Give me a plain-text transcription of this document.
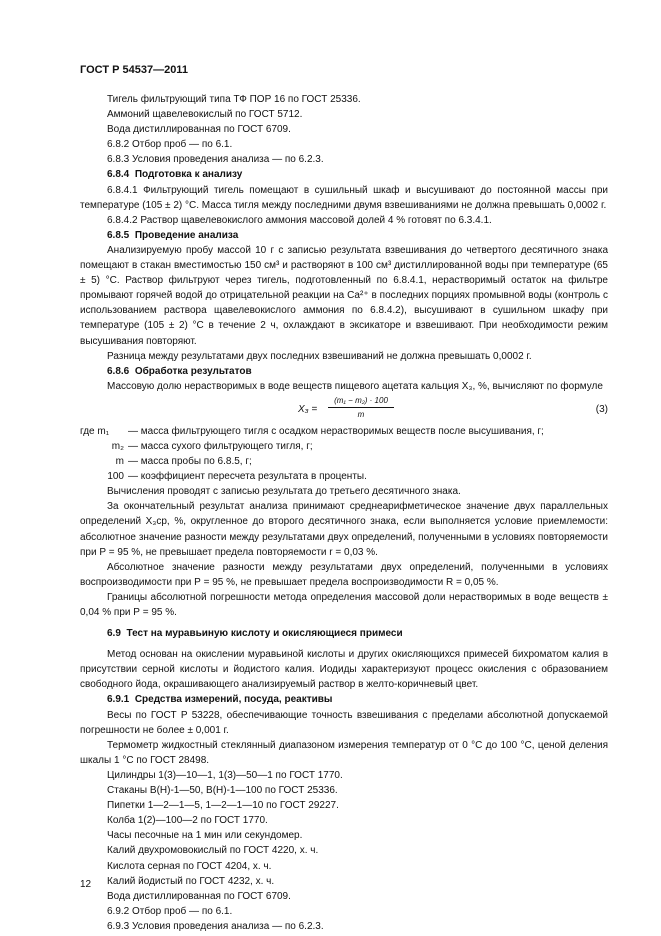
ГОСТ Р 54537—2011

Тигель фильтрующий типа ТФ ПОР 16 по ГОСТ 25336.

Аммоний щавелевокислый по ГОСТ 5712.

Вода дистиллированная по ГОСТ 6709.

6.8.2 Отбор проб — по 6.1.

6.8.3 Условия проведения анализа — по 6.2.3.

6.8.4 Подготовка к анализу

6.8.4.1 Фильтрующий тигель помещают в сушильный шкаф и высушивают до постоянной массы при температуре (105 ± 2) °С. Масса тигля между последними двумя взвешиваниями не должна превышать 0,0002 г.

6.8.4.2 Раствор щавелевокислого аммония массовой долей 4 % готовят по 6.3.4.1.

6.8.5 Проведение анализа

Анализируемую пробу массой 10 г с записью результата взвешивания до четвертого десятичного знака помещают в стакан вместимостью 150 см³ и растворяют в 100 см³ дистиллированной воды при температуре (65 ± 5) °С. Раствор фильтруют через тигель, подготовленный по 6.8.4.1, нерастворимый остаток на фильтре промывают горячей водой до отрицательной реакции на Са²⁺ в последних порциях промывной воды (контроль с использованием раствора щавелевокислого аммония по 6.8.4.2), высушивают в сушильном шкафу при температуре (105 ± 2) °С в течение 2 ч, охлаждают в эксикаторе и взвешивают. При необходимости режим высушивания повторяют.

Разница между результатами двух последних взвешиваний не должна превышать 0,0002 г.

6.8.6 Обработка результатов

Массовую долю нерастворимых в воде веществ пищевого ацетата кальция X₃, %, вычисляют по формуле

X₃ =
(m₁ − m₂) · 100
m	(3)
где m₁	— масса фильтрующего тигля с осадком нерастворимых веществ после высушивания, г;
m₂ — масса сухого фильтрующего тигля, г;
m — масса пробы по 6.8.5, г;
100 — коэффициент пересчета результата в проценты.

Вычисления проводят с записью результата до третьего десятичного знака.

За окончательный результат анализа принимают среднеарифметическое значение двух параллельных определений X₃ср, %, округленное до второго десятичного знака, если выполняется условие приемлемости: абсолютное значение разности между результатами двух определений, полученными в условиях повторяемости при Р = 95 %, не превышает предела повторяемости r = 0,03 %.

Абсолютное значение разности между результатами двух определений, полученными в условиях воспроизводимости при Р = 95 %, не превышает предела воспроизводимости R = 0,05 %.

Границы абсолютной погрешности метода определения массовой доли нерастворимых в воде веществ ± 0,04 % при Р = 95 %.

6.9 Тест на муравьиную кислоту и окисляющиеся примеси

Метод основан на окислении муравьиной кислоты и других окисляющихся примесей бихроматом калия в присутствии серной кислоты и йодистого калия. Иодиды характеризуют процесс окисления с образованием свободного йода, окрашивающего анализируемый раствор в желто-коричневый цвет.

6.9.1 Средства измерений, посуда, реактивы

Весы по ГОСТ Р 53228, обеспечивающие точность взвешивания с пределами абсолютной допускаемой погрешности не более ± 0,001 г.

Термометр жидкостный стеклянный диапазоном измерения температур от 0 °С до 100 °С, ценой деления шкалы 1 °С по ГОСТ 28498.

Цилиндры 1(3)—10—1, 1(3)—50—1 по ГОСТ 1770.

Стаканы В(Н)-1—50, В(Н)-1—100 по ГОСТ 25336.

Пипетки 1—2—1—5, 1—2—1—10 по ГОСТ 29227.

Колба 1(2)—100—2 по ГОСТ 1770.

Часы песочные на 1 мин или секундомер.

Калий двухромовокислый по ГОСТ 4220, х. ч.

Кислота серная по ГОСТ 4204, х. ч.

Калий йодистый по ГОСТ 4232, х. ч.

Вода дистиллированная по ГОСТ 6709.

6.9.2 Отбор проб — по 6.1.

6.9.3 Условия проведения анализа — по 6.2.3.

12
